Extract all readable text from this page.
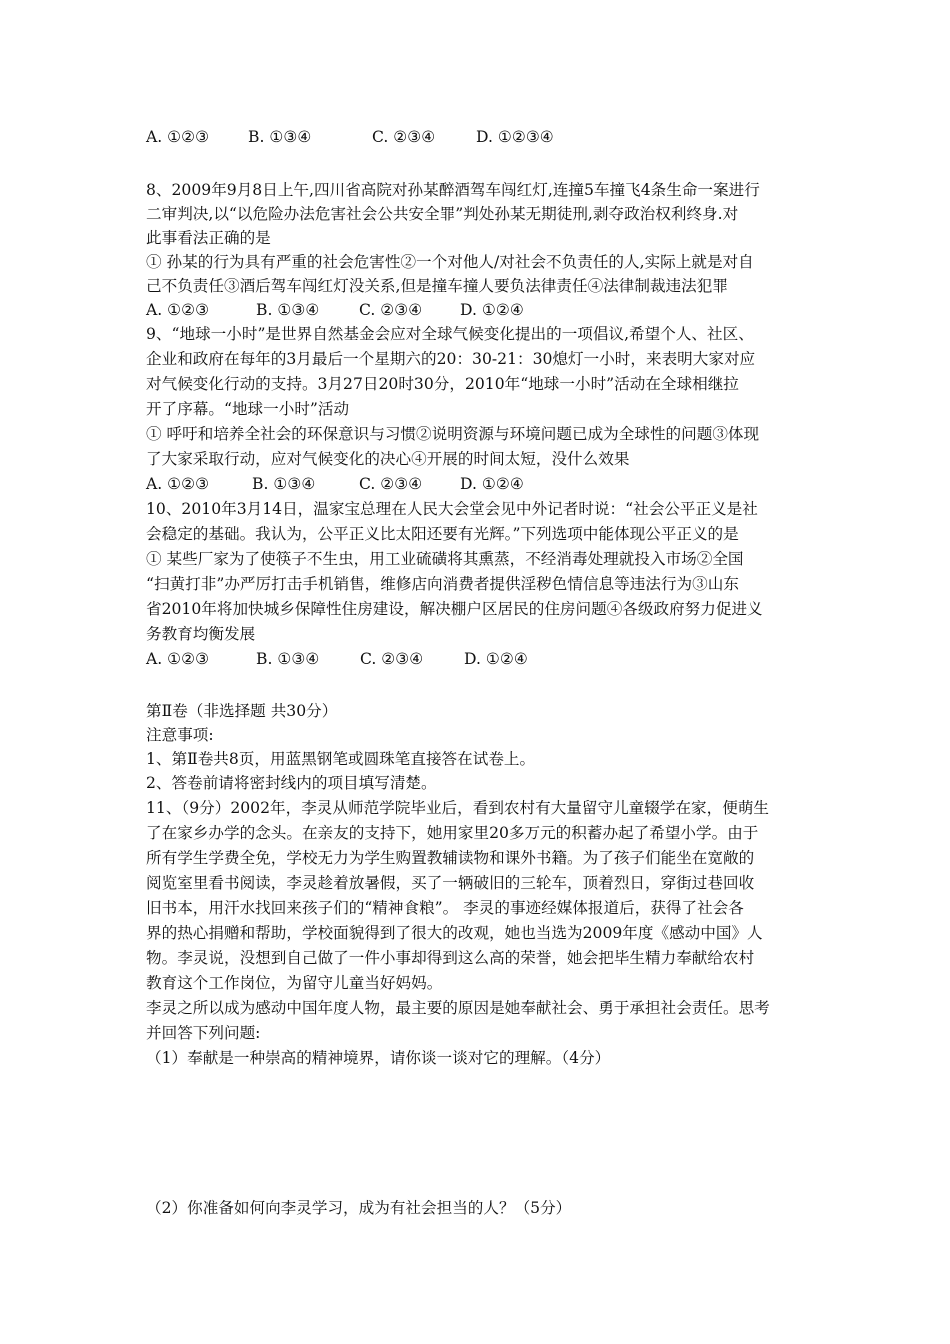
A. ①②③ B. ①③④	C. ②③④	D. ①②③④
8、2009年9月8日上午,四川省高院对孙某醉酒驾车闯红灯,连撞5车撞飞4条生命一案进行
二审判决,以“以危险办法危害社会公共安全罪”判处孙某无期徒刑,剥夺政治权利终身.对
此事看法正确的是
① 孙某的行为具有严重的社会危害性②一个对他人/对社会不负责任的人,实际上就是对自
己不负责任③酒后驾车闯红灯没关系,但是撞车撞人要负法律责任④法律制裁违法犯罪
A. ①②③	B. ①③④	C. ②③④ D. ①②④
9、“地球一小时”是世界自然基金会应对全球气候变化提出的一项倡议,希望个人、社区、
企业和政府在每年的3月最后一个星期六的20：30-21：30熄灯一小时，来表明大家对应
对气候变化行动的支持。3月27日20时30分，2010年“地球一小时”活动在全球相继拉
开了序幕。“地球一小时”活动
① 呼吁和培养全社会的环保意识与习惯②说明资源与环境问题已成为全球性的问题③体现
了大家采取行动，应对气候变化的决心④开展的时间太短，没什么效果
A. ①②③	B. ①③④	C. ②③④ D. ①②④
10、2010年3月14日，温家宝总理在人民大会堂会见中外记者时说：“社会公平正义是社
会稳定的基础。我认为，公平正义比太阳还要有光辉。”下列选项中能体现公平正义的是
① 某些厂家为了使筷子不生虫，用工业硫磺将其熏蒸，不经消毒处理就投入市场②全国
“扫黄打非”办严厉打击手机销售，维修店向消费者提供淫秽色情信息等违法行为③山东
省2010年将加快城乡保障性住房建设，解决棚户区居民的住房问题④各级政府努力促进义
务教育均衡发展
A. ①②③	B. ①③④	C. ②③④	D. ①②④
第Ⅱ卷（非选择题 共30分）
注意事项:
1、第Ⅱ卷共8页，用蓝黑钢笔或圆珠笔直接答在试卷上。
2、答卷前请将密封线内的项目填写清楚。
11、（9分）2002年，李灵从师范学院毕业后，看到农村有大量留守儿童辍学在家，便萌生
了在家乡办学的念头。在亲友的支持下，她用家里20多万元的积蓄办起了希望小学。由于
所有学生学费全免，学校无力为学生购置教辅读物和课外书籍。为了孩子们能坐在宽敞的
阅览室里看书阅读，李灵趁着放暑假，买了一辆破旧的三轮车，顶着烈日，穿街过巷回收
旧书本，用汗水找回来孩子们的“精神食粮”。 李灵的事迹经媒体报道后，获得了社会各
界的热心捐赠和帮助，学校面貌得到了很大的改观，她也当选为2009年度《感动中国》人
物。李灵说，没想到自己做了一件小事却得到这么高的荣誉，她会把毕生精力奉献给农村
教育这个工作岗位，为留守儿童当好妈妈。
李灵之所以成为感动中国年度人物，最主要的原因是她奉献社会、勇于承担社会责任。思考
并回答下列问题:
（1）奉献是一种崇高的精神境界，请你谈一谈对它的理解。（4分）
（2）你准备如何向李灵学习，成为有社会担当的人？（5分）
